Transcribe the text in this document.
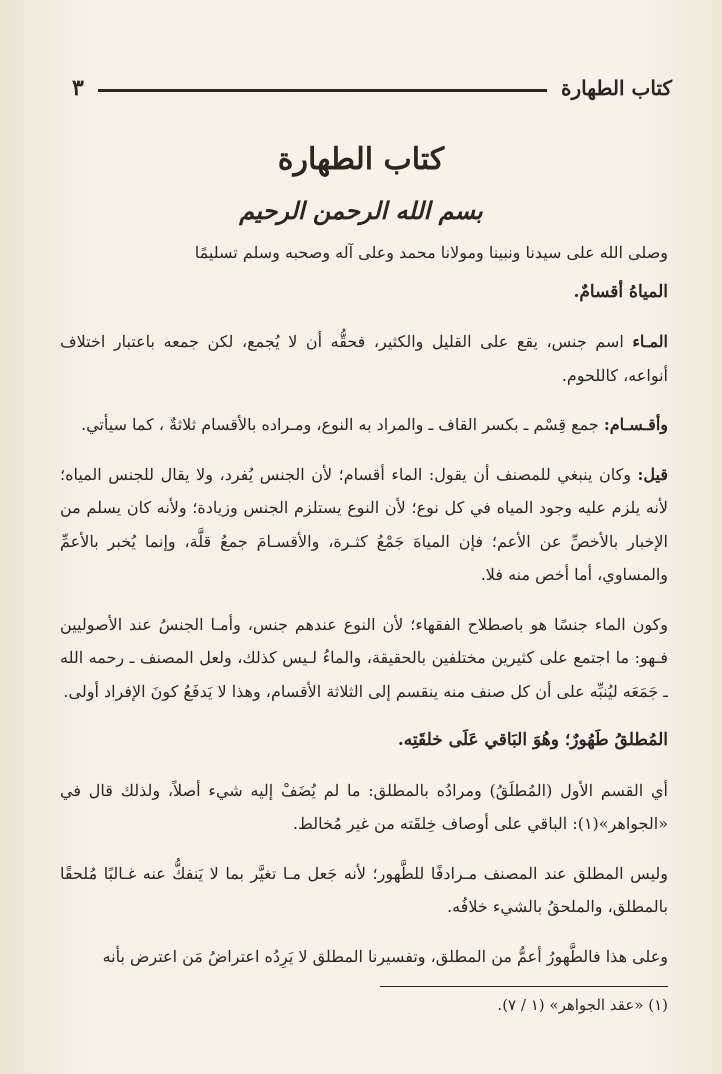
كتاب الطهارة
٣
كتاب الطهارة
بسم الله الرحمن الرحيم

وصلى الله على سيدنا ونبينا ومولانا محمد وعلى آله وصحبه وسلم تسليمًا

المياهُ أقسامٌ.

المـاء اسم جنس، يقع على القليل والكثير، فحقُّه أن لا يُجمع، لكن جمعه باعتبار اختلاف أنواعه، كاللحوم.

وأقـسـام: جمع قِسْم ـ بكسر القاف ـ والمراد به النوع، ومـراده بالأقسام ثلاثةٌ ، كما سيأتي.

قيل: وكان ينبغي للمصنف أن يقول: الماء أقسام؛ لأن الجنس يُفرد، ولا يقال للجنس المياه؛ لأنه يلزم عليه وجود المياه في كل نوع؛ لأن النوع يستلزم الجنس وزيادة؛ ولأنه كان يسلم من الإخبار بالأخصِّ عن الأعم؛ فإن المياهَ جَمْعُ كثـرة، والأقسـامَ جمعُ قلَّة، وإنما يُخبر بالأعمِّ والمساوي، أما أخص منه فلا.

وكون الماء جنسًا هو باصطلاح الفقهاء؛ لأن النوع عندهم جنس، وأمـا الجنسُ عند الأصوليين فـهو: ما اجتمع على كثيرين مختلفين بالحقيقة، والماءُ لـيس كذلك، ولعل المصنف ـ رحمه الله ـ جَمَعَه ليُنبِّه على أن كل صنف منه ينقسم إلى الثلاثة الأقسام، وهذا لا يَدفَعُ كونَ الإفراد أولى.

المُطلقُ طَهُورٌ؛ وهُوَ البَاقي عَلَى خلقَتِه.

أي القسم الأول (المُطلَقُ) ومرادُه بالمطلق: ما لم يُضَفْ إليه شيء أصلاً، ولذلك قال في «الجواهر»(١): الباقي على أوصاف خِلقَته من غير مُخالط.

وليس المطلق عند المصنف مـرادفًا للطَّهور؛ لأنه جَعل مـا تغيَّر بما لا يَنفكُّ عنه غـالبًا مُلحقًا بالمطلق، والملحقُ بالشيء خلافُه.

وعلى هذا فالطَّهورُ أعمُّ من المطلق، وتفسيرنا المطلق لا يَرِدُه اعتراضُ مَن اعترض بأنه

(١) «عقد الجواهر» (١ / ٧).
